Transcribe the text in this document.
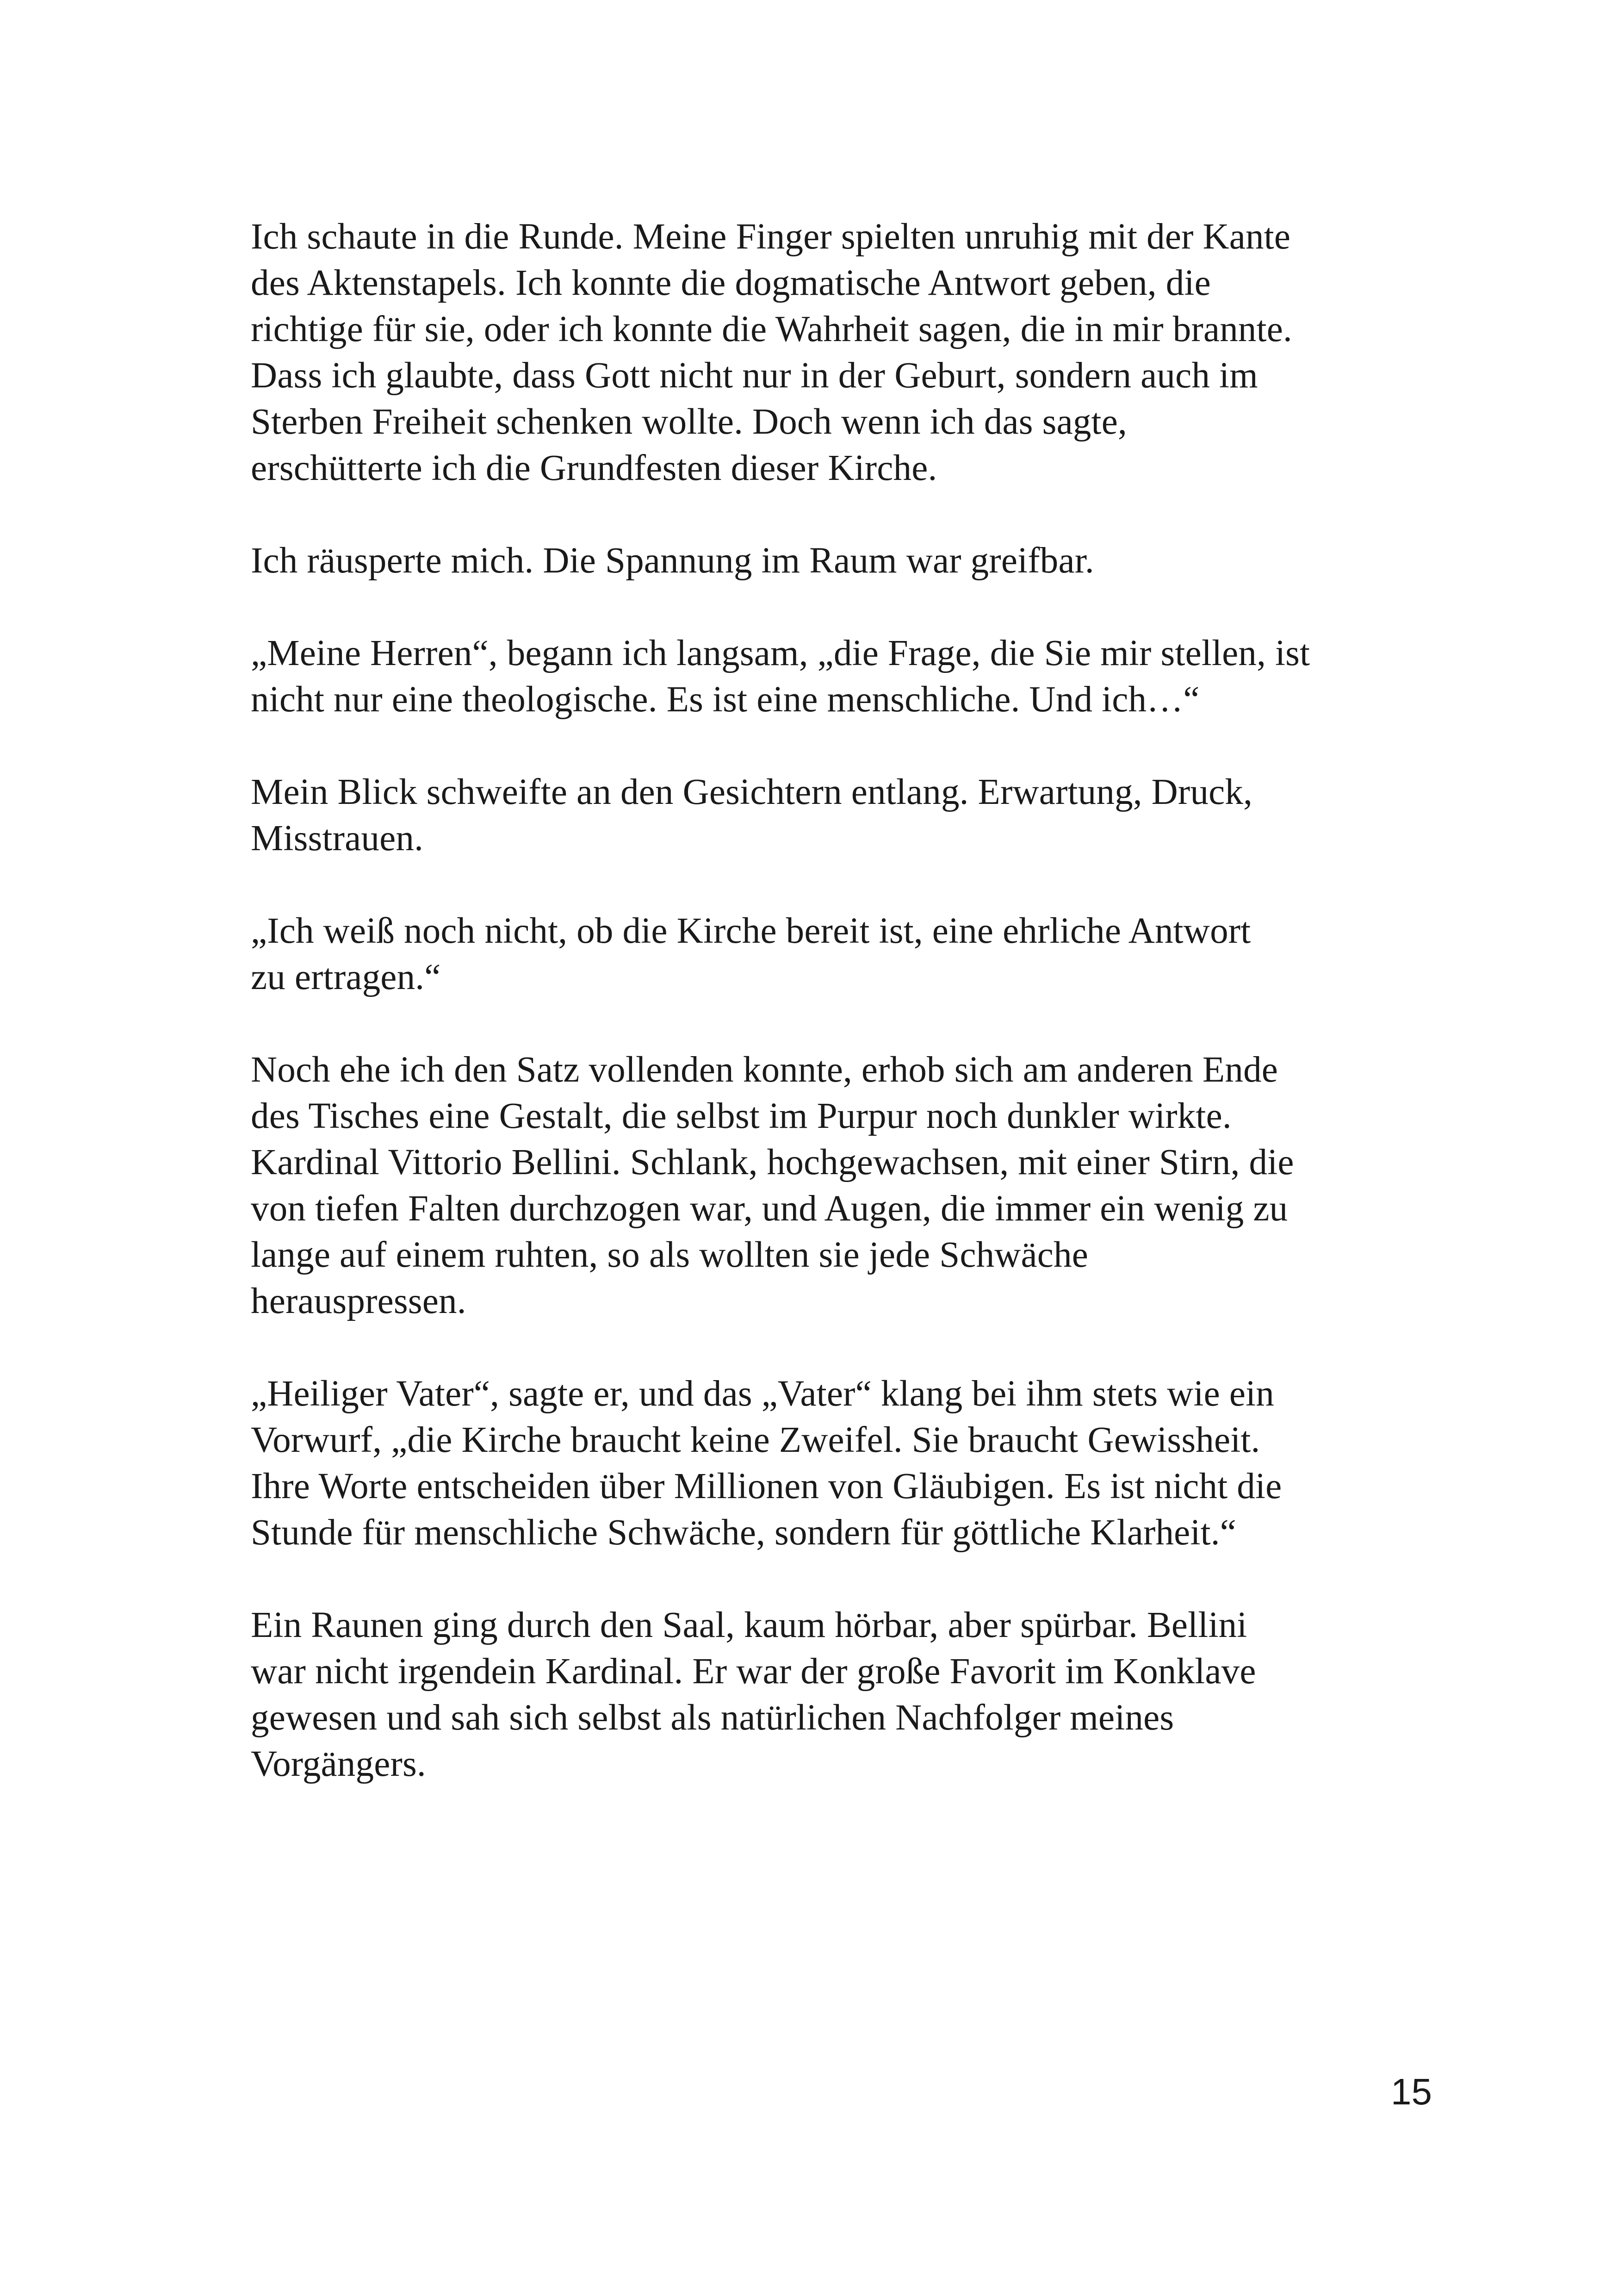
Ich schaute in die Runde. Meine Finger spielten unruhig mit der Kante
des Aktenstapels. Ich konnte die dogmatische Antwort geben, die
richtige für sie, oder ich konnte die Wahrheit sagen, die in mir brannte.
Dass ich glaubte, dass Gott nicht nur in der Geburt, sondern auch im
Sterben Freiheit schenken wollte. Doch wenn ich das sagte,
erschütterte ich die Grundfesten dieser Kirche.
Ich räusperte mich. Die Spannung im Raum war greifbar.
„Meine Herren“, begann ich langsam, „die Frage, die Sie mir stellen, ist
nicht nur eine theologische. Es ist eine menschliche. Und ich…“
Mein Blick schweifte an den Gesichtern entlang. Erwartung, Druck,
Misstrauen.
„Ich weiß noch nicht, ob die Kirche bereit ist, eine ehrliche Antwort
zu ertragen.“
Noch ehe ich den Satz vollenden konnte, erhob sich am anderen Ende
des Tisches eine Gestalt, die selbst im Purpur noch dunkler wirkte.
Kardinal Vittorio Bellini. Schlank, hochgewachsen, mit einer Stirn, die
von tiefen Falten durchzogen war, und Augen, die immer ein wenig zu
lange auf einem ruhten, so als wollten sie jede Schwäche
herauspressen.
„Heiliger Vater“, sagte er, und das „Vater“ klang bei ihm stets wie ein
Vorwurf, „die Kirche braucht keine Zweifel. Sie braucht Gewissheit.
Ihre Worte entscheiden über Millionen von Gläubigen. Es ist nicht die
Stunde für menschliche Schwäche, sondern für göttliche Klarheit.“
Ein Raunen ging durch den Saal, kaum hörbar, aber spürbar. Bellini
war nicht irgendein Kardinal. Er war der große Favorit im Konklave
gewesen und sah sich selbst als natürlichen Nachfolger meines
Vorgängers.
15
